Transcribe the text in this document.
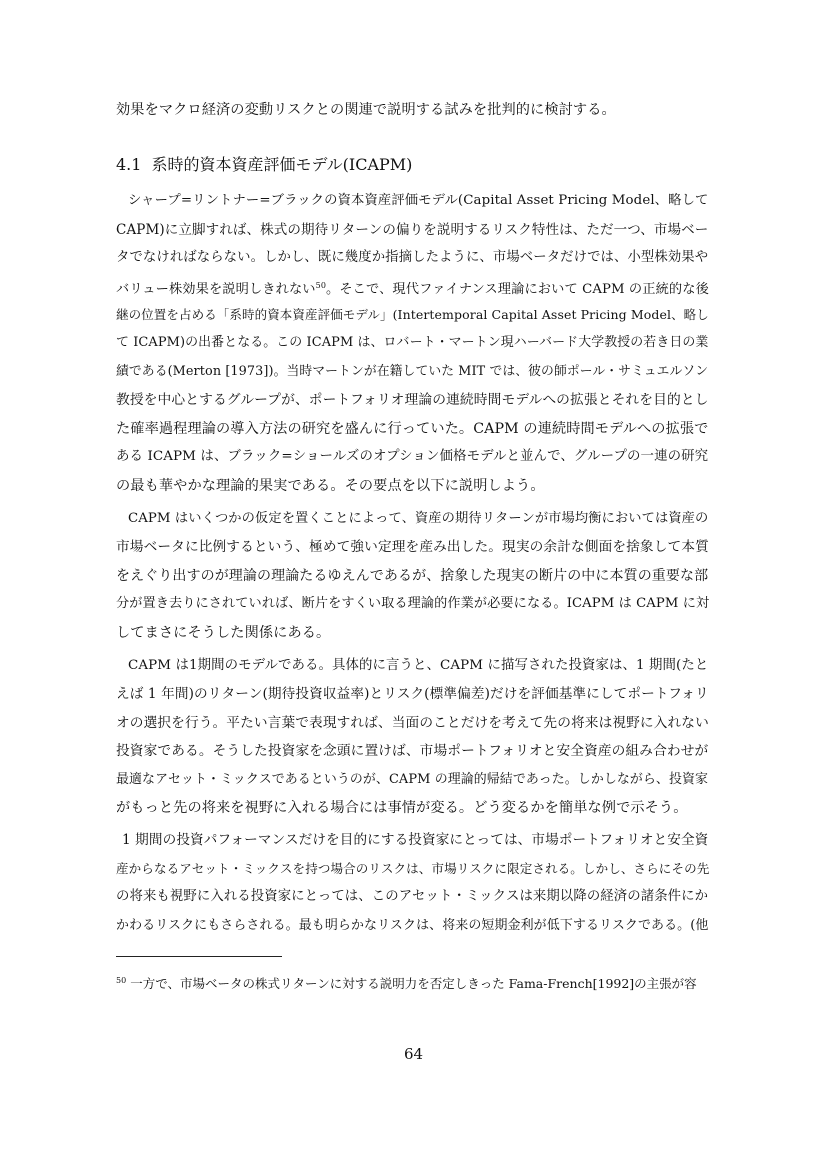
効果をマクロ経済の変動リスクとの関連で説明する試みを批判的に検討する。
4.1 系時的資本資産評価モデル(ICAPM)
シャープ=リントナー=ブラックの資本資産評価モデル(Capital Asset Pricing Model、略して
CAPM)に立脚すれば、株式の期待リターンの偏りを説明するリスク特性は、ただ一つ、市場ベー
タでなければならない。しかし、既に幾度か指摘したように、市場ベータだけでは、小型株効果や
バリュー株効果を説明しきれない$^{50}$。そこで、現代ファイナンス理論において CAPM の正統的な後
継の位置を占める「系時的資本資産評価モデル」(Intertemporal Capital Asset Pricing Model、略し
て ICAPM)の出番となる。この ICAPM は、ロバート・マートン現ハーバード大学教授の若き日の業
績である(Merton [1973])。当時マートンが在籍していた MIT では、彼の師ポール・サミュエルソン
教授を中心とするグループが、ポートフォリオ理論の連続時間モデルへの拡張とそれを目的とし
た確率過程理論の導入方法の研究を盛んに行っていた。CAPM の連続時間モデルへの拡張で
ある ICAPM は、ブラック=ショールズのオプション価格モデルと並んで、グループの一連の研究
の最も華やかな理論的果実である。その要点を以下に説明しよう。
CAPM はいくつかの仮定を置くことによって、資産の期待リターンが市場均衡においては資産の
市場ベータに比例するという、極めて強い定理を産み出した。現実の余計な側面を捨象して本質
をえぐり出すのが理論の理論たるゆえんであるが、捨象した現実の断片の中に本質の重要な部
分が置き去りにされていれば、断片をすくい取る理論的作業が必要になる。ICAPM は CAPM に対
してまさにそうした関係にある。
CAPM は1期間のモデルである。具体的に言うと、CAPM に描写された投資家は、1 期間(たと
えば 1 年間)のリターン(期待投資収益率)とリスク(標準偏差)だけを評価基準にしてポートフォリ
オの選択を行う。平たい言葉で表現すれば、当面のことだけを考えて先の将来は視野に入れない
投資家である。そうした投資家を念頭に置けば、市場ポートフォリオと安全資産の組み合わせが
最適なアセット・ミックスであるというのが、CAPM の理論的帰結であった。しかしながら、投資家
がもっと先の将来を視野に入れる場合には事情が変る。どう変るかを簡単な例で示そう。
1 期間の投資パフォーマンスだけを目的にする投資家にとっては、市場ポートフォリオと安全資
産からなるアセット・ミックスを持つ場合のリスクは、市場リスクに限定される。しかし、さらにその先
の将来も視野に入れる投資家にとっては、このアセット・ミックスは来期以降の経済の諸条件にか
かわるリスクにもさらされる。最も明らかなリスクは、将来の短期金利が低下するリスクである。(他
$^{50}$ 一方で、市場ベータの株式リターンに対する説明力を否定しきった Fama-French[1992]の主張が容
64
